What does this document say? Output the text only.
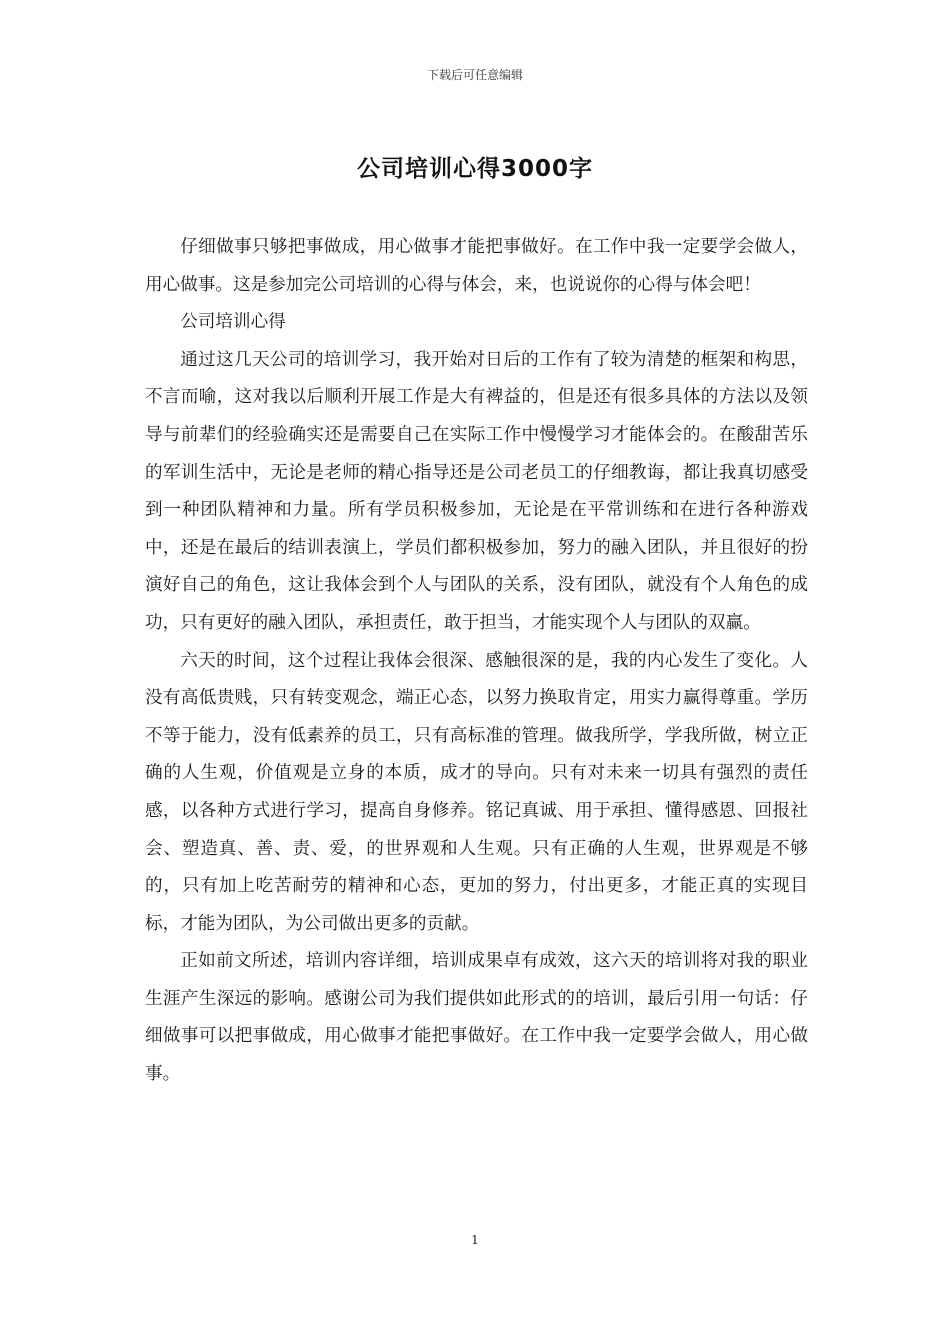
下载后可任意编辑
公司培训心得3000字

仔细做事只够把事做成，用心做事才能把事做好。在工作中我一定要学会做人，用心做事。这是参加完公司培训的心得与体会，来，也说说你的心得与体会吧！

公司培训心得

通过这几天公司的培训学习，我开始对日后的工作有了较为清楚的框架和构思，不言而喻，这对我以后顺利开展工作是大有裨益的，但是还有很多具体的方法以及领导与前辈们的经验确实还是需要自己在实际工作中慢慢学习才能体会的。在酸甜苦乐的军训生活中，无论是老师的精心指导还是公司老员工的仔细教诲，都让我真切感受到一种团队精神和力量。所有学员积极参加，无论是在平常训练和在进行各种游戏中，还是在最后的结训表演上，学员们都积极参加，努力的融入团队，并且很好的扮演好自己的角色，这让我体会到个人与团队的关系，没有团队，就没有个人角色的成功，只有更好的融入团队，承担责任，敢于担当，才能实现个人与团队的双赢。

六天的时间，这个过程让我体会很深、感触很深的是，我的内心发生了变化。人没有高低贵贱，只有转变观念，端正心态，以努力换取肯定，用实力赢得尊重。学历不等于能力，没有低素养的员工，只有高标准的管理。做我所学，学我所做，树立正确的人生观，价值观是立身的本质，成才的导向。只有对未来一切具有强烈的责任感，以各种方式进行学习，提高自身修养。铭记真诚、用于承担、懂得感恩、回报社会、塑造真、善、责、爱，的世界观和人生观。只有正确的人生观，世界观是不够的，只有加上吃苦耐劳的精神和心态，更加的努力，付出更多，才能正真的实现目标，才能为团队，为公司做出更多的贡献。

正如前文所述，培训内容详细，培训成果卓有成效，这六天的培训将对我的职业生涯产生深远的影响。感谢公司为我们提供如此形式的的培训，最后引用一句话：仔细做事可以把事做成，用心做事才能把事做好。在工作中我一定要学会做人，用心做事。

1
